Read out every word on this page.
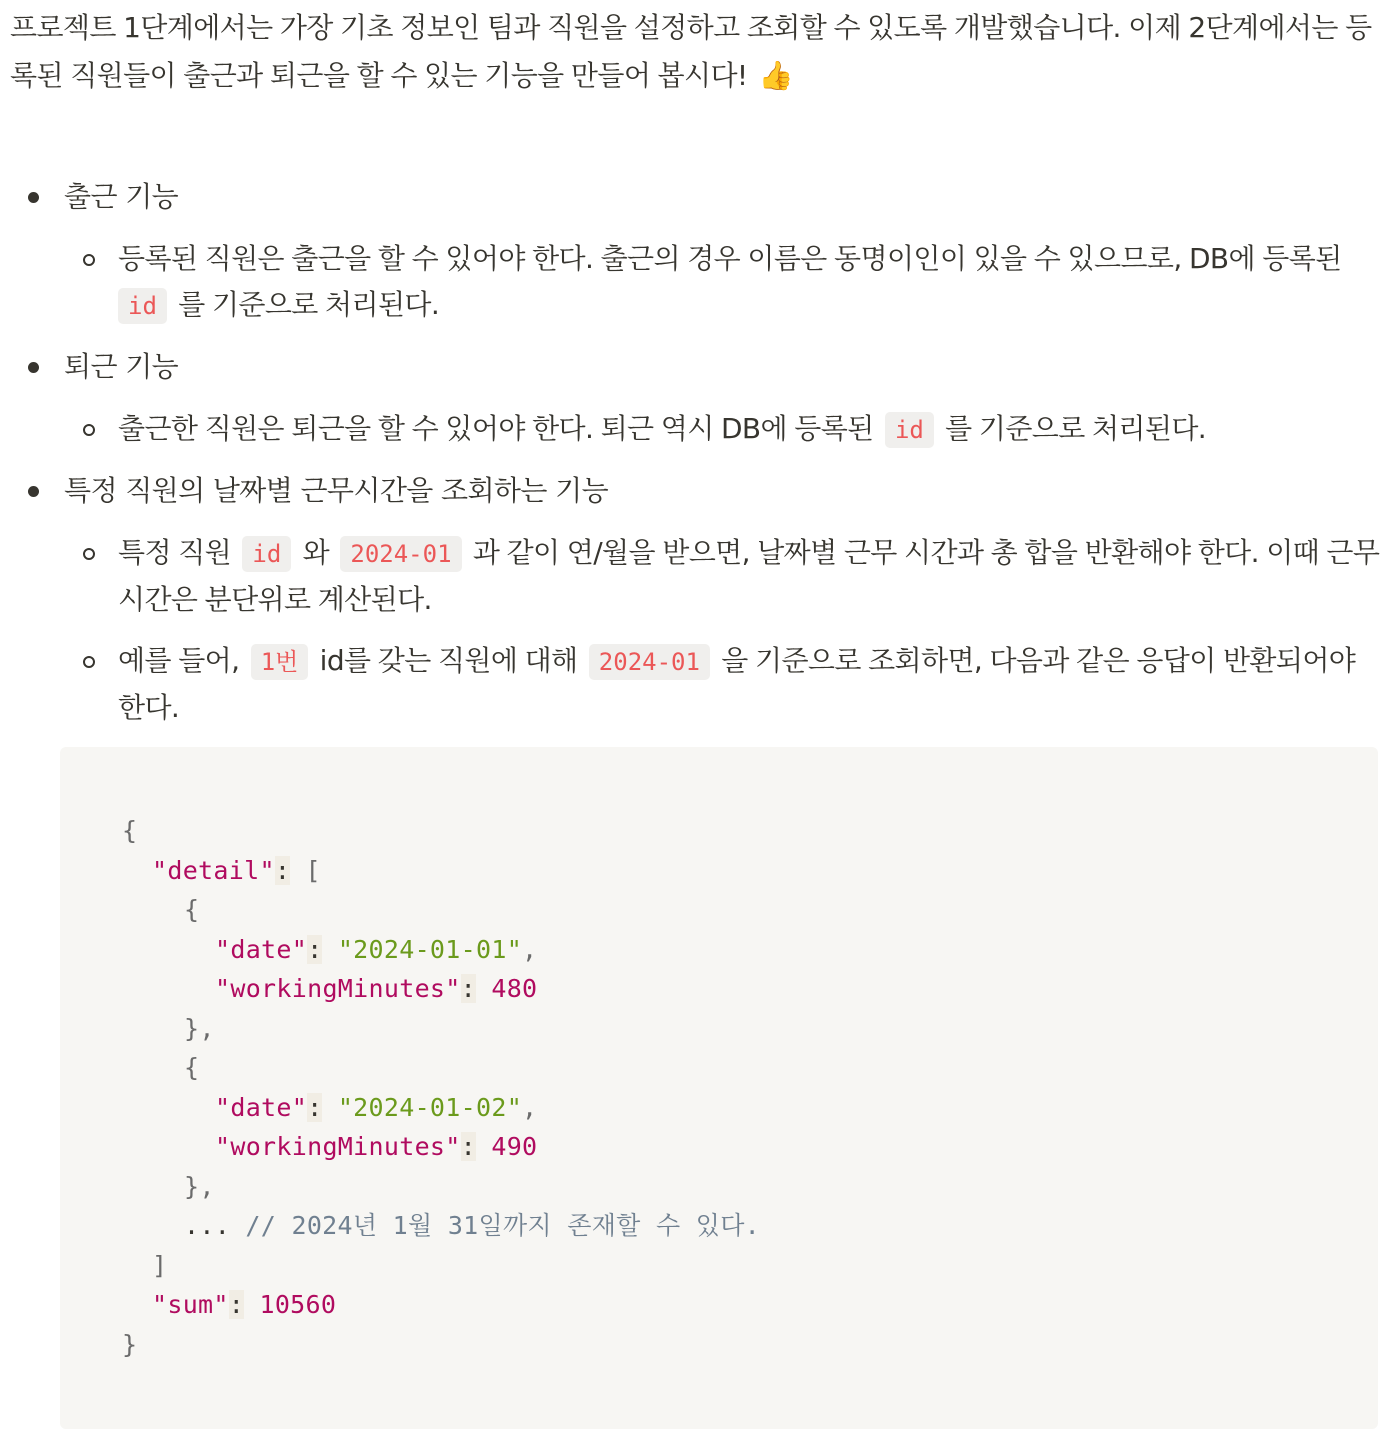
프로젝트 1단계에서는 가장 기초 정보인 팀과 직원을 설정하고 조회할 수 있도록 개발했습니다. 이제 2단계에서는 등록된 직원들이 출근과 퇴근을 할 수 있는 기능을 만들어 봅시다! 👍

출근 기능
등록된 직원은 출근을 할 수 있어야 한다. 출근의 경우 이름은 동명이인이 있을 수 있으므로, DB에 등록된
id 를 기준으로 처리된다.
퇴근 기능
출근한 직원은 퇴근을 할 수 있어야 한다. 퇴근 역시 DB에 등록된 id 를 기준으로 처리된다.
특정 직원의 날짜별 근무시간을 조회하는 기능
특정 직원 id 와 2024-01 과 같이 연/월을 받으면, 날짜별 근무 시간과 총 합을 반환해야 한다. 이때 근무 시간은 분단위로 계산된다.
예를 들어, 1번 id를 갖는 직원에 대해 2024-01 을 기준으로 조회하면, 다음과 같은 응답이 반환되어야 한다.

{

"detail": [

{

"date": "2024-01-01",

"workingMinutes": 480

},

{

"date": "2024-01-02",

"workingMinutes": 490

},

... // 2024년 1월 31일까지 존재할 수 있다.

]

"sum": 10560

}
